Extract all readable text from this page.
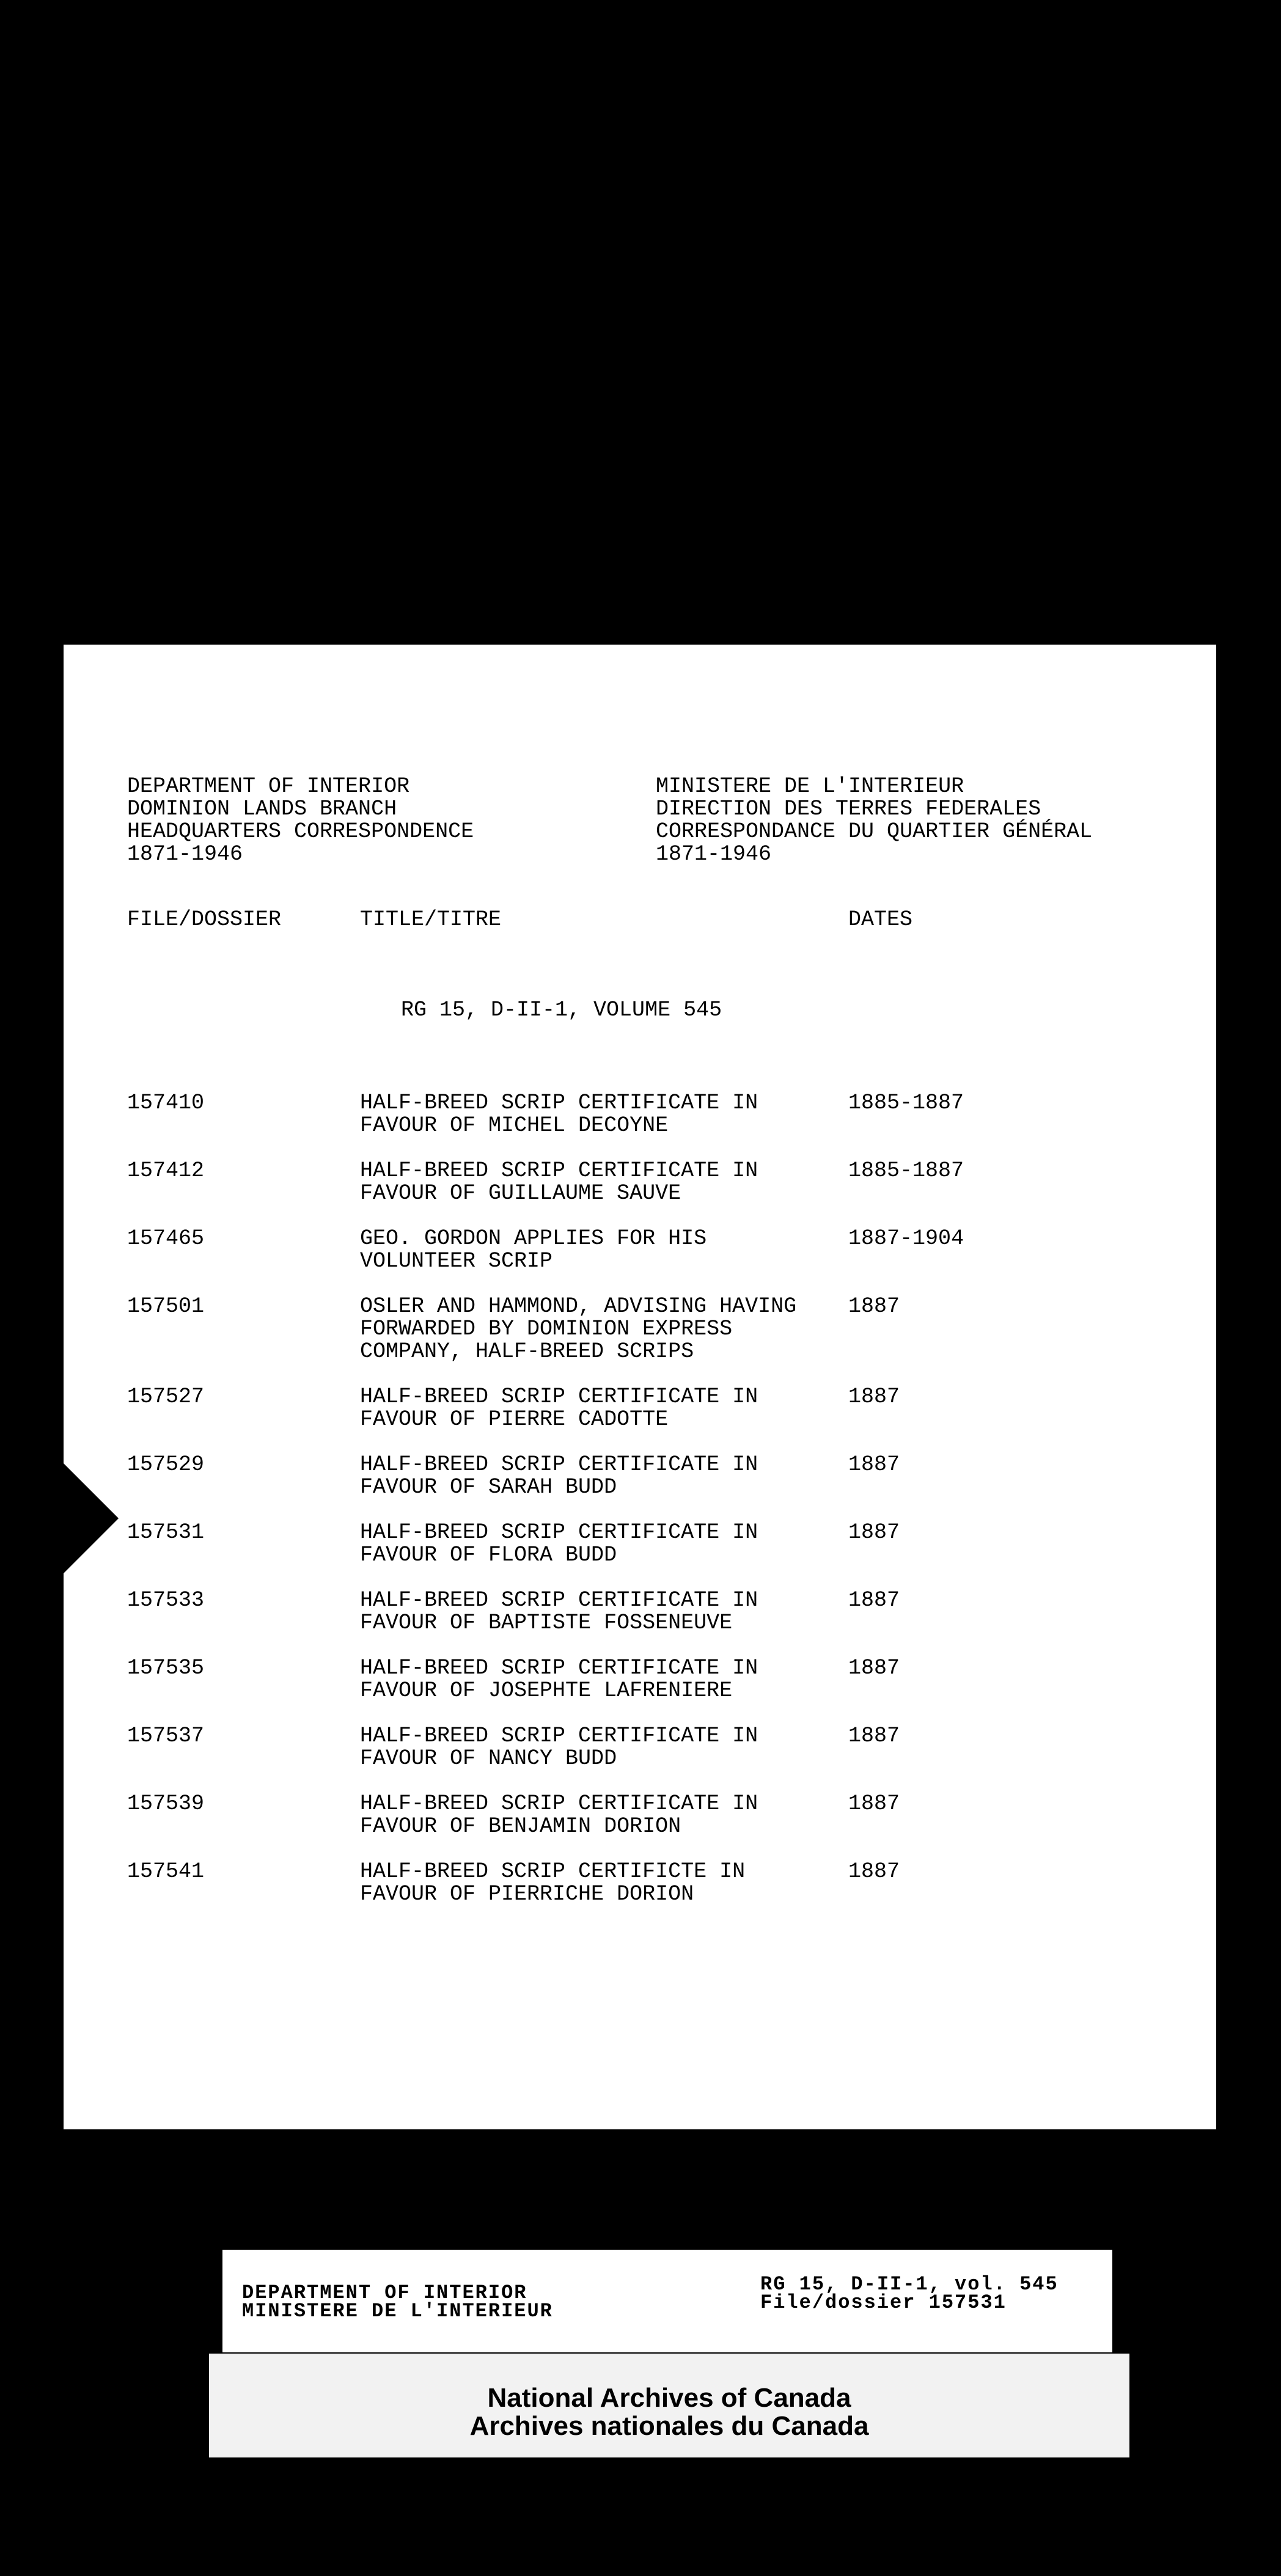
DEPARTMENT OF INTERIOR
DOMINION LANDS BRANCH
HEADQUARTERS CORRESPONDENCE
1871-1946
MINISTERE DE L'INTERIEUR
DIRECTION DES TERRES FEDERALES
CORRESPONDANCE DU QUARTIER GÉNÉRAL
1871-1946
FILE/DOSSIER	TITLE/TITRE	DATES
RG 15, D-II-1, VOLUME 545
157410	HALF-BREED SCRIP CERTIFICATE IN
FAVOUR OF MICHEL DECOYNE
1885-1887
157412	HALF-BREED SCRIP CERTIFICATE IN
FAVOUR OF GUILLAUME SAUVE
1885-1887
157465	GEO. GORDON APPLIES FOR HIS
VOLUNTEER SCRIP
1887-1904
157501	OSLER AND HAMMOND, ADVISING HAVING
FORWARDED BY DOMINION EXPRESS
COMPANY, HALF-BREED SCRIPS
1887
157527	HALF-BREED SCRIP CERTIFICATE IN
FAVOUR OF PIERRE CADOTTE
1887
157529	HALF-BREED SCRIP CERTIFICATE IN
FAVOUR OF SARAH BUDD
1887
157531	HALF-BREED SCRIP CERTIFICATE IN
FAVOUR OF FLORA BUDD
1887
157533	HALF-BREED SCRIP CERTIFICATE IN
FAVOUR OF BAPTISTE FOSSENEUVE
1887
157535	HALF-BREED SCRIP CERTIFICATE IN
FAVOUR OF JOSEPHTE LAFRENIERE
1887
157537	HALF-BREED SCRIP CERTIFICATE IN
FAVOUR OF NANCY BUDD
1887
157539	HALF-BREED SCRIP CERTIFICATE IN
FAVOUR OF BENJAMIN DORION
1887
157541	HALF-BREED SCRIP CERTIFICTE IN
FAVOUR OF PIERRICHE DORION
1887
DEPARTMENT OF INTERIOR
MINISTERE DE L'INTERIEUR
RG 15, D-II-1, vol. 545
File/dossier 157531
National Archives of Canada
Archives nationales du Canada
